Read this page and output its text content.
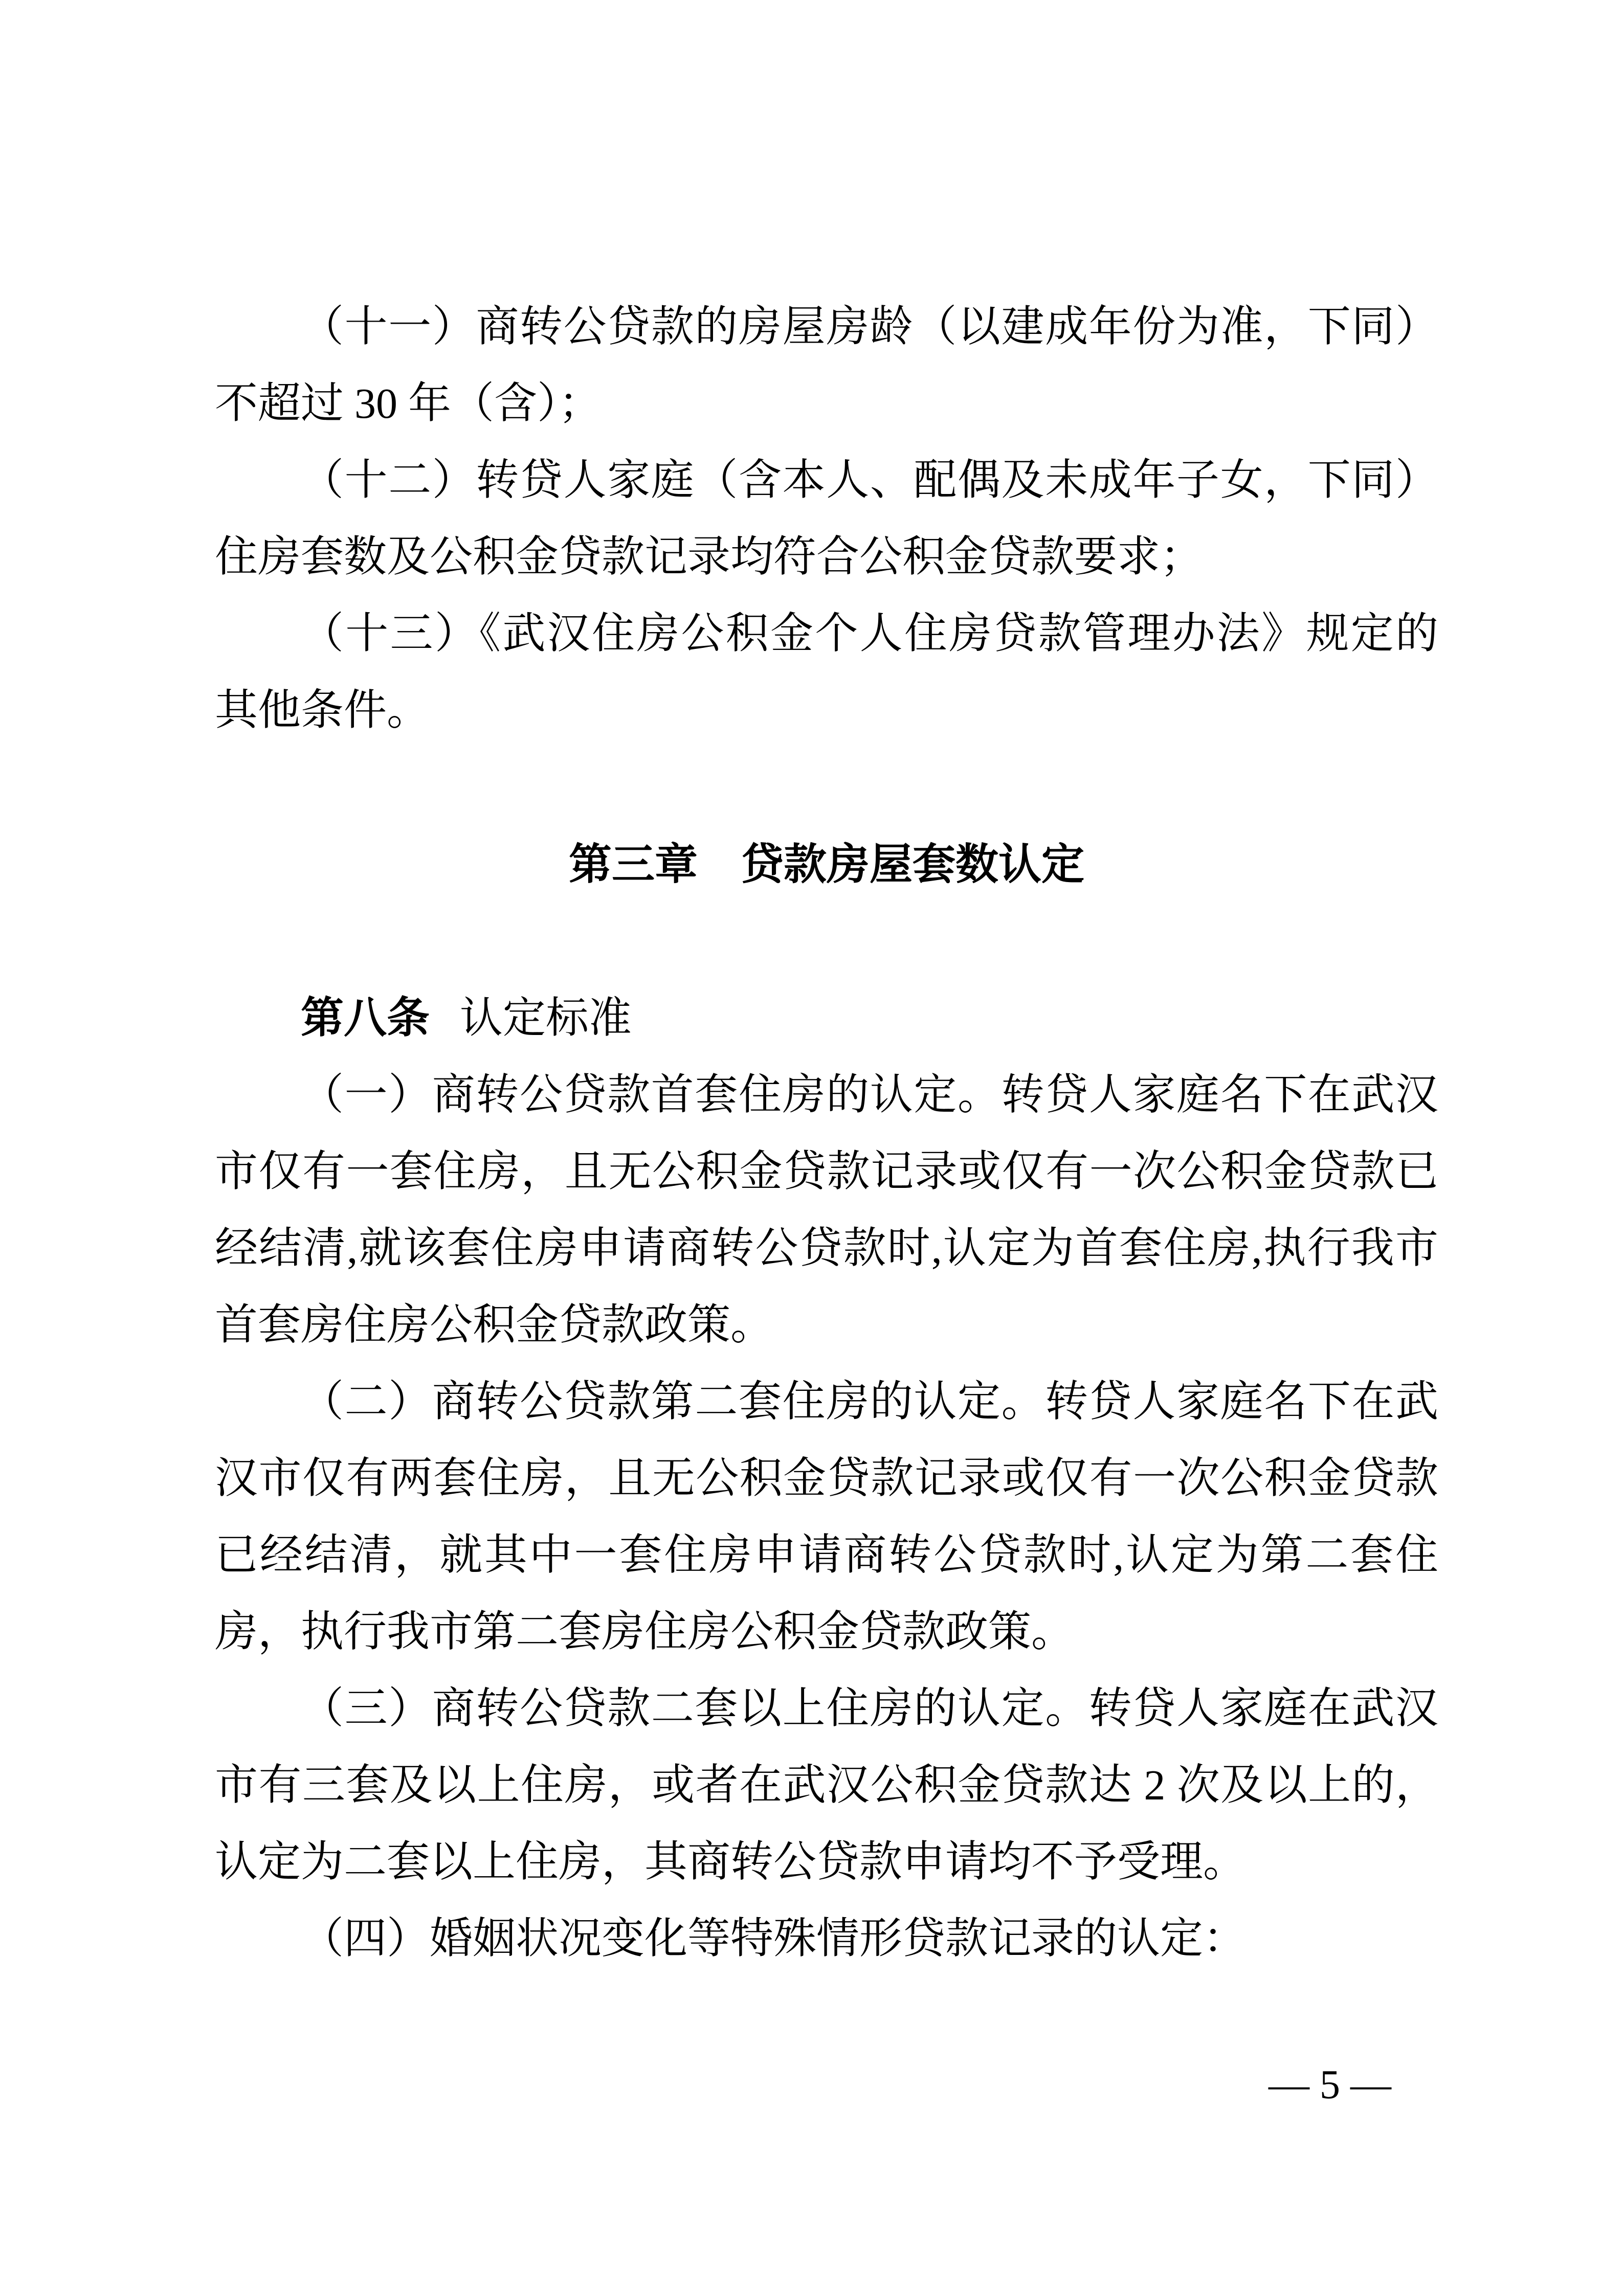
（十一）商转公贷款的房屋房龄（以建成年份为准，下同）不超过 30 年（含）；

（十二）转贷人家庭（含本人、配偶及未成年子女，下同）住房套数及公积金贷款记录均符合公积金贷款要求；

（十三）《武汉住房公积金个人住房贷款管理办法》规定的其他条件。

第三章　贷款房屋套数认定

第八条 认定标准

（一）商转公贷款首套住房的认定。转贷人家庭名下在武汉市仅有一套住房，且无公积金贷款记录或仅有一次公积金贷款已经结清,就该套住房申请商转公贷款时,认定为首套住房,执行我市首套房住房公积金贷款政策。

（二）商转公贷款第二套住房的认定。转贷人家庭名下在武汉市仅有两套住房，且无公积金贷款记录或仅有一次公积金贷款已经结清，就其中一套住房申请商转公贷款时,认定为第二套住房，执行我市第二套房住房公积金贷款政策。

（三）商转公贷款二套以上住房的认定。转贷人家庭在武汉市有三套及以上住房，或者在武汉公积金贷款达 2 次及以上的，认定为二套以上住房，其商转公贷款申请均不予受理。

（四）婚姻状况变化等特殊情形贷款记录的认定：

— 5 —
